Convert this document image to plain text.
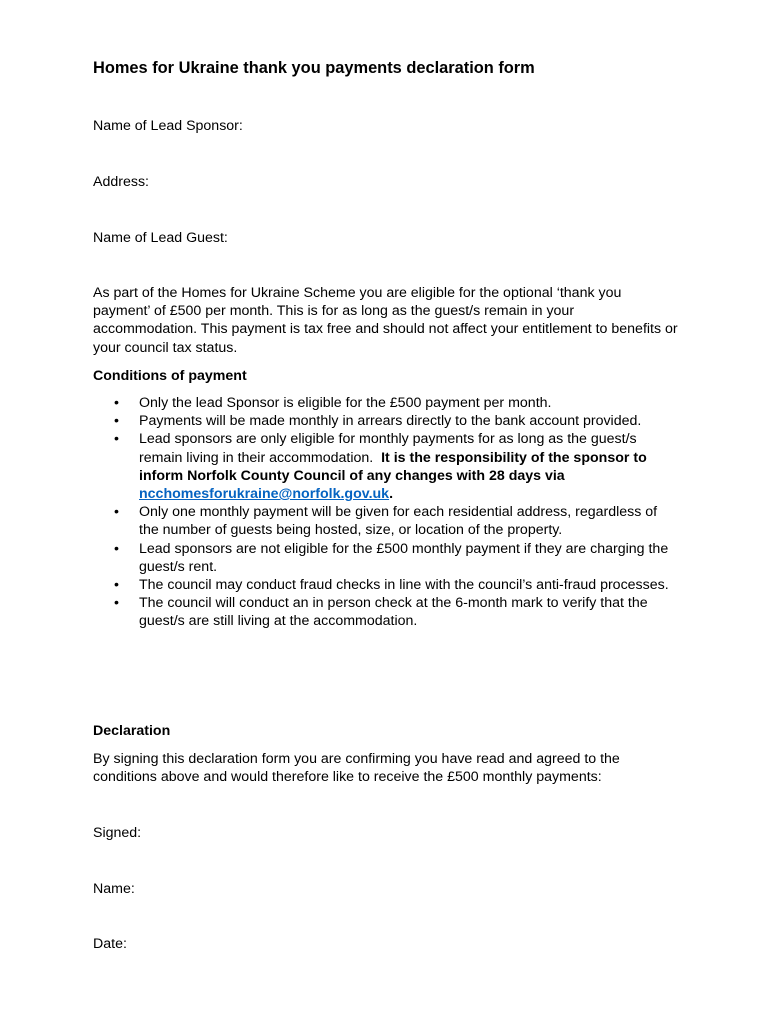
Homes for Ukraine thank you payments declaration form

Name of Lead Sponsor:

Address:

Name of Lead Guest:

As part of the Homes for Ukraine Scheme you are eligible for the optional ‘thank you payment’ of £500 per month. This is for as long as the guest/s remain in your accommodation. This payment is tax free and should not affect your entitlement to benefits or your council tax status.

Conditions of payment
• Only the lead Sponsor is eligible for the £500 payment per month.
• Payments will be made monthly in arrears directly to the bank account provided.
• Lead sponsors are only eligible for monthly payments for as long as the guest/s remain living in their accommodation. It is the responsibility of the sponsor to inform Norfolk County Council of any changes with 28 days via ncchomesforukraine@norfolk.gov.uk.
• Only one monthly payment will be given for each residential address, regardless of the number of guests being hosted, size, or location of the property.
• Lead sponsors are not eligible for the £500 monthly payment if they are charging the guest/s rent.
• The council may conduct fraud checks in line with the council’s anti-fraud processes.
• The council will conduct an in person check at the 6-month mark to verify that the guest/s are still living at the accommodation.
Declaration

By signing this declaration form you are confirming you have read and agreed to the conditions above and would therefore like to receive the £500 monthly payments:

Signed:

Name:

Date:
